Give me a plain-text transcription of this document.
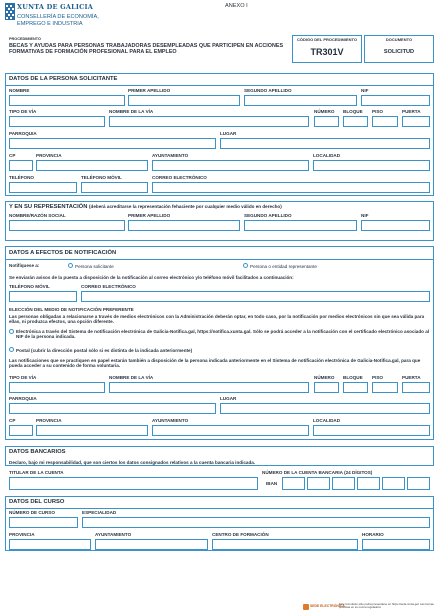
XUNTA DE GALICIA
CONSELLERÍA DE ECONOMÍA,
EMPREGO E INDUSTRIA
ANEXO I
PROCEDIMIENTO
BECAS Y AYUDAS PARA PERSONAS TRABAJADORAS DESEMPLEADAS QUE PARTICIPEN EN ACCIONES FORMATIVAS DE FORMACIÓN PROFESIONAL PARA EL EMPLEO
CÓDIGO DEL PROCEDIMIENTO
TR301V
DOCUMENTO
SOLICITUD
DATOS DE LA PERSONA SOLICITANTE
NOMBRE	PRIMER APELLIDO	SEGUNDO APELLIDO	NIF
TIPO DE VÍA	NOMBRE DE LA VÍA	NÚMERO BLOQUE PISO	PUERTA
PARROQUIA	LUGAR
CP	PROVINCIA	AYUNTAMIENTO	LOCALIDAD
TELÉFONO	TELÉFONO MÓVIL	CORREO ELECTRÓNICO
Y EN SU REPRESENTACIÓN (deberá acreditarse la representación fehaciente por cualquier medio válido en derecho)
NOMBRE/RAZÓN SOCIAL	PRIMER APELLIDO	SEGUNDO APELLIDO	NIF
DATOS A EFECTOS DE NOTIFICACIÓN
Notifíquese a:	Persona solicitante	Persona o entidad representante
Se enviarán avisos de la puesta a disposición de la notificación al correo electrónico y/o teléfono móvil facilitados a continuación:
TELÉFONO MÓVIL	CORREO ELECTRÓNICO
ELECCIÓN DEL MEDIO DE NOTIFICACIÓN PREFERENTE
Las personas obligadas a relacionarse a través de medios electrónicos con la Administración deberán optar, en todo caso, por la notificación por medios electrónicos sin que sea válida para ellas, ni produzca efectos, una opción diferente.
Electrónica a través del Sistema de notificación electrónica de Galicia-Notifica.gal, https://notifica.xunta.gal. Sólo se podrá acceder a la notificación con el certificado electrónico asociado al NIF de la persona indicada.
Postal (cubrir la dirección postal sólo si es distinta de la indicada anteriormente)
Las notificaciones que se practiquen en papel estarán también a disposición de la persona indicada anteriormente en el Sistema de notificación electrónica de Galicia-Notifica.gal, para que pueda acceder a su contenido de forma voluntaria.
TIPO DE VÍA	NOMBRE DE LA VÍA	NÚMERO BLOQUE PISO	PUERTA
PARROQUIA	LUGAR
CP	PROVINCIA	AYUNTAMIENTO	LOCALIDAD
DATOS BANCARIOS
Declaro, bajo mi responsabilidad, que son ciertos los datos consignados relativos a la cuenta bancaria indicada.
TITULAR DE LA CUENTA	NÚMERO DE LA CUENTA BANCARIA (24 DÍGITOS)
IBAN
DATOS DEL CURSO
NÚMERO DE CURSO	ESPECIALIDAD
PROVINCIA	AYUNTAMIENTO	CENTRO DE FORMACIÓN	HORARIO
SEDE ELECTRÓNICA
Este formulario sólo podrá presentarse en https://sede.xunta.gal. Las formas previstas en su norma reguladora
